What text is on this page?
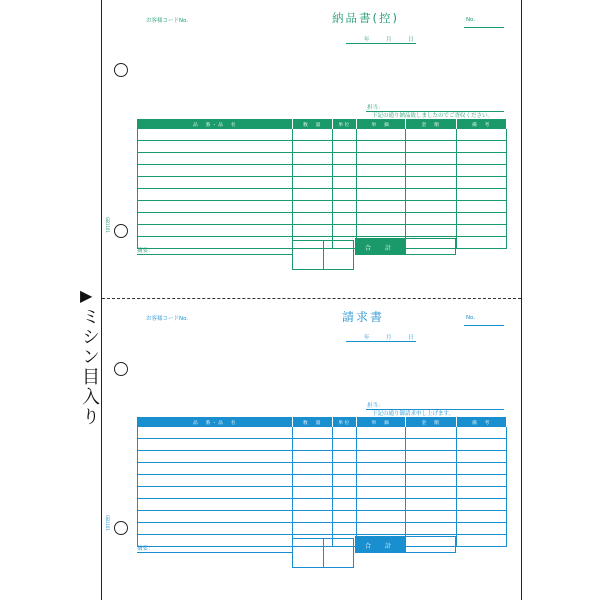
お客様コードNo.	納品書(控)	No.
年	月	日
担当：
下記の通り納品致しましたのでご査収ください。
品　番・品　名	数　量	単位	単　価	金　額	備　考

摘要：	合　計
GB1101
お客様コードNo.	請求書	No.
年	月	日
担当：
下記の通り御請求申し上げます。
品　番・品　名	数　量	単位	単　価	金　額	備　考

摘要：	合　計
GB1101
▶
ミシン目入り
